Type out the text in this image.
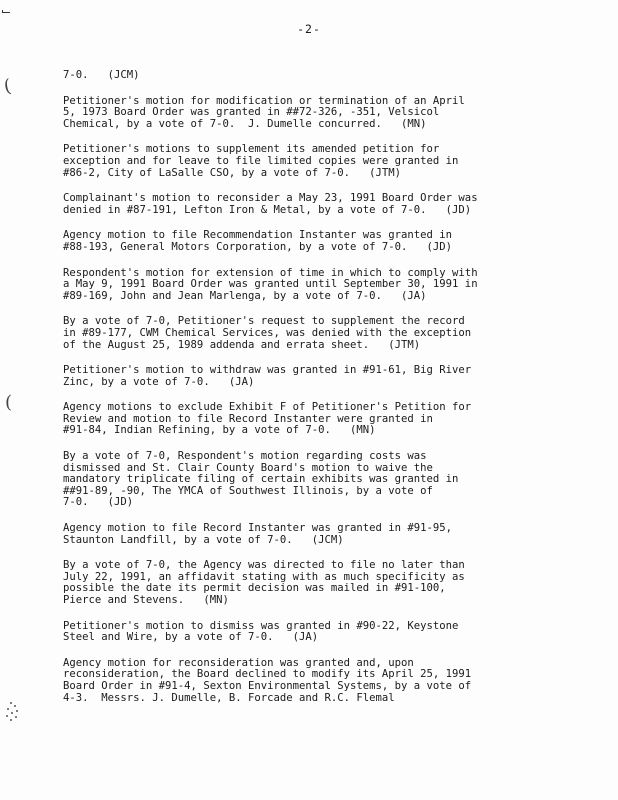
-2-
(
(

7-0.   (JCM)

Petitioner's motion for modification or termination of an April
5, 1973 Board Order was granted in ##72-326, -351, Velsicol
Chemical, by a vote of 7-0.  J. Dumelle concurred.   (MN)

Petitioner's motions to supplement its amended petition for
exception and for leave to file limited copies were granted in
#86-2, City of LaSalle CSO, by a vote of 7-0.   (JTM)

Complainant's motion to reconsider a May 23, 1991 Board Order was
denied in #87-191, Lefton Iron & Metal, by a vote of 7-0.   (JD)

Agency motion to file Recommendation Instanter was granted in
#88-193, General Motors Corporation, by a vote of 7-0.   (JD)

Respondent's motion for extension of time in which to comply with
a May 9, 1991 Board Order was granted until September 30, 1991 in
#89-169, John and Jean Marlenga, by a vote of 7-0.   (JA)

By a vote of 7-0, Petitioner's request to supplement the record
in #89-177, CWM Chemical Services, was denied with the exception
of the August 25, 1989 addenda and errata sheet.   (JTM)

Petitioner's motion to withdraw was granted in #91-61, Big River
Zinc, by a vote of 7-0.   (JA)

Agency motions to exclude Exhibit F of Petitioner's Petition for
Review and motion to file Record Instanter were granted in
#91-84, Indian Refining, by a vote of 7-0.   (MN)

By a vote of 7-0, Respondent's motion regarding costs was
dismissed and St. Clair County Board's motion to waive the
mandatory triplicate filing of certain exhibits was granted in
##91-89, -90, The YMCA of Southwest Illinois, by a vote of
7-0.   (JD)

Agency motion to file Record Instanter was granted in #91-95,
Staunton Landfill, by a vote of 7-0.   (JCM)

By a vote of 7-0, the Agency was directed to file no later than
July 22, 1991, an affidavit stating with as much specificity as
possible the date its permit decision was mailed in #91-100,
Pierce and Stevens.   (MN)

Petitioner's motion to dismiss was granted in #90-22, Keystone
Steel and Wire, by a vote of 7-0.   (JA)

Agency motion for reconsideration was granted and, upon
reconsideration, the Board declined to modify its April 25, 1991
Board Order in #91-4, Sexton Environmental Systems, by a vote of
4-3.  Messrs. J. Dumelle, B. Forcade and R.C. Flemal
